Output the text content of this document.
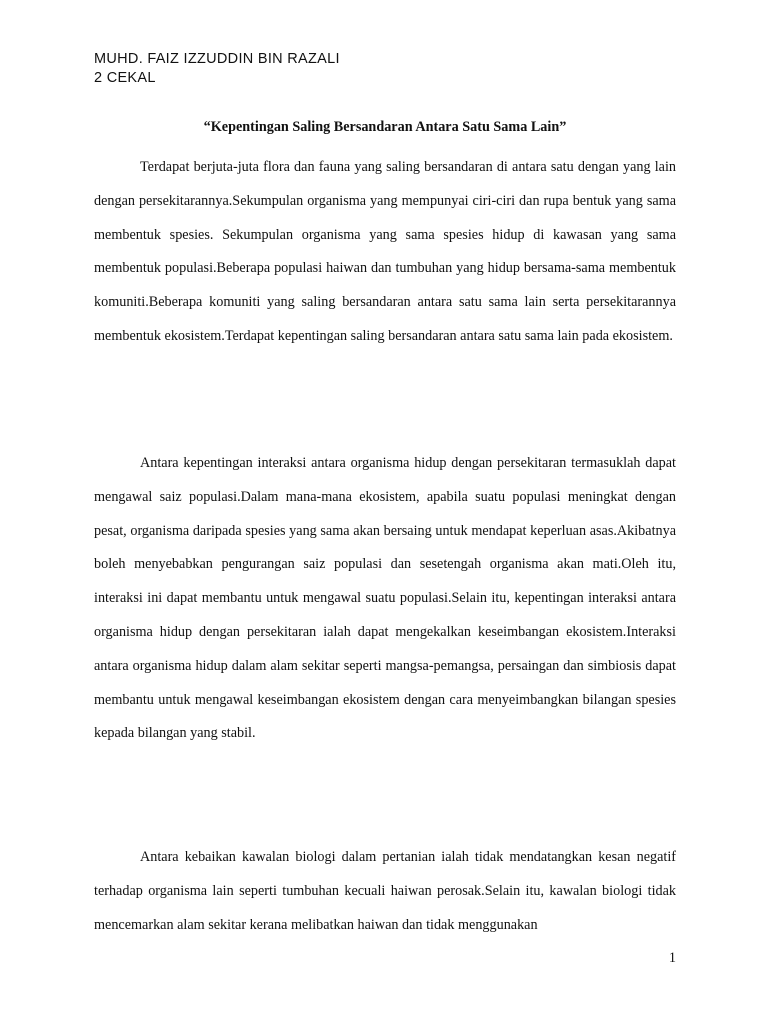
MUHD. FAIZ IZZUDDIN BIN RAZALI
2 CEKAL
“Kepentingan Saling Bersandaran Antara Satu Sama Lain”

Terdapat berjuta-juta flora dan fauna yang saling bersandaran di antara satu dengan yang lain dengan persekitarannya.Sekumpulan organisma yang mempunyai ciri-ciri dan rupa bentuk yang sama membentuk spesies. Sekumpulan organisma yang sama spesies hidup di kawasan yang sama membentuk populasi.Beberapa populasi haiwan dan tumbuhan yang hidup bersama-sama membentuk komuniti.Beberapa komuniti yang saling bersandaran antara satu sama lain serta persekitarannya membentuk ekosistem.Terdapat kepentingan saling bersandaran antara satu sama lain pada ekosistem.

Antara kepentingan interaksi antara organisma hidup dengan persekitaran termasuklah dapat mengawal saiz populasi.Dalam mana-mana ekosistem, apabila suatu populasi meningkat dengan pesat, organisma daripada spesies yang sama akan bersaing untuk mendapat keperluan asas.Akibatnya boleh menyebabkan pengurangan saiz populasi dan sesetengah organisma akan mati.Oleh itu, interaksi ini dapat membantu untuk mengawal suatu populasi.Selain itu, kepentingan interaksi antara organisma hidup dengan persekitaran ialah dapat mengekalkan keseimbangan ekosistem.Interaksi antara organisma hidup dalam alam sekitar seperti mangsa-pemangsa, persaingan dan simbiosis dapat membantu untuk mengawal keseimbangan ekosistem dengan cara menyeimbangkan bilangan spesies kepada bilangan yang stabil.

Antara kebaikan kawalan biologi dalam pertanian ialah tidak mendatangkan kesan negatif terhadap organisma lain seperti tumbuhan kecuali haiwan perosak.Selain itu, kawalan biologi tidak mencemarkan alam sekitar kerana melibatkan haiwan dan tidak menggunakan

1
